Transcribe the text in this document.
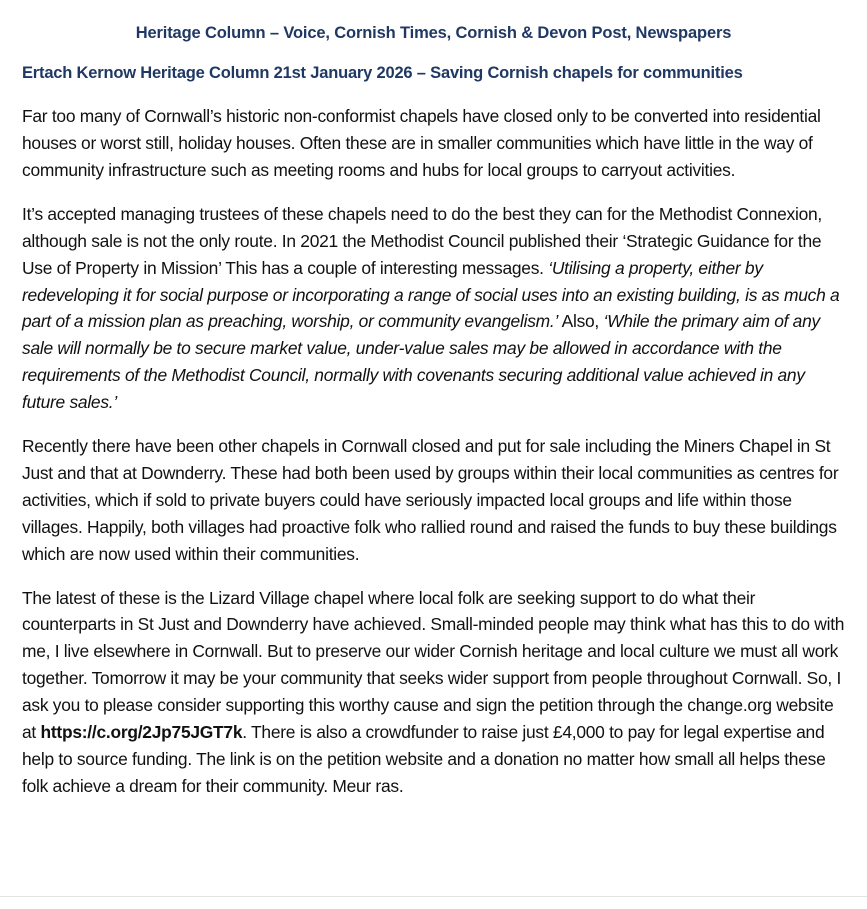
Heritage Column – Voice, Cornish Times, Cornish & Devon Post, Newspapers
Ertach Kernow Heritage Column 21st January 2026 – Saving Cornish chapels for communities

Far too many of Cornwall’s historic non-conformist chapels have closed only to be converted into residential houses or worst still, holiday houses. Often these are in smaller communities which have little in the way of community infrastructure such as meeting rooms and hubs for local groups to carryout activities.

It’s accepted managing trustees of these chapels need to do the best they can for the Methodist Connexion, although sale is not the only route. In 2021 the Methodist Council published their ‘Strategic Guidance for the Use of Property in Mission’ This has a couple of interesting messages. ‘Utilising a property, either by redeveloping it for social purpose or incorporating a range of social uses into an existing building, is as much a part of a mission plan as preaching, worship, or community evangelism.’ Also, ‘While the primary aim of any sale will normally be to secure market value, under-value sales may be allowed in accordance with the requirements of the Methodist Council, normally with covenants securing additional value achieved in any future sales.’

Recently there have been other chapels in Cornwall closed and put for sale including the Miners Chapel in St Just and that at Downderry. These had both been used by groups within their local communities as centres for activities, which if sold to private buyers could have seriously impacted local groups and life within those villages. Happily, both villages had proactive folk who rallied round and raised the funds to buy these buildings which are now used within their communities.

The latest of these is the Lizard Village chapel where local folk are seeking support to do what their counterparts in St Just and Downderry have achieved. Small-minded people may think what has this to do with me, I live elsewhere in Cornwall. But to preserve our wider Cornish heritage and local culture we must all work together. Tomorrow it may be your community that seeks wider support from people throughout Cornwall. So, I ask you to please consider supporting this worthy cause and sign the petition through the change.org website at https://c.org/2Jp75JGT7k. There is also a crowdfunder to raise just £4,000 to pay for legal expertise and help to source funding. The link is on the petition website and a donation no matter how small all helps these folk achieve a dream for their community. Meur ras.
